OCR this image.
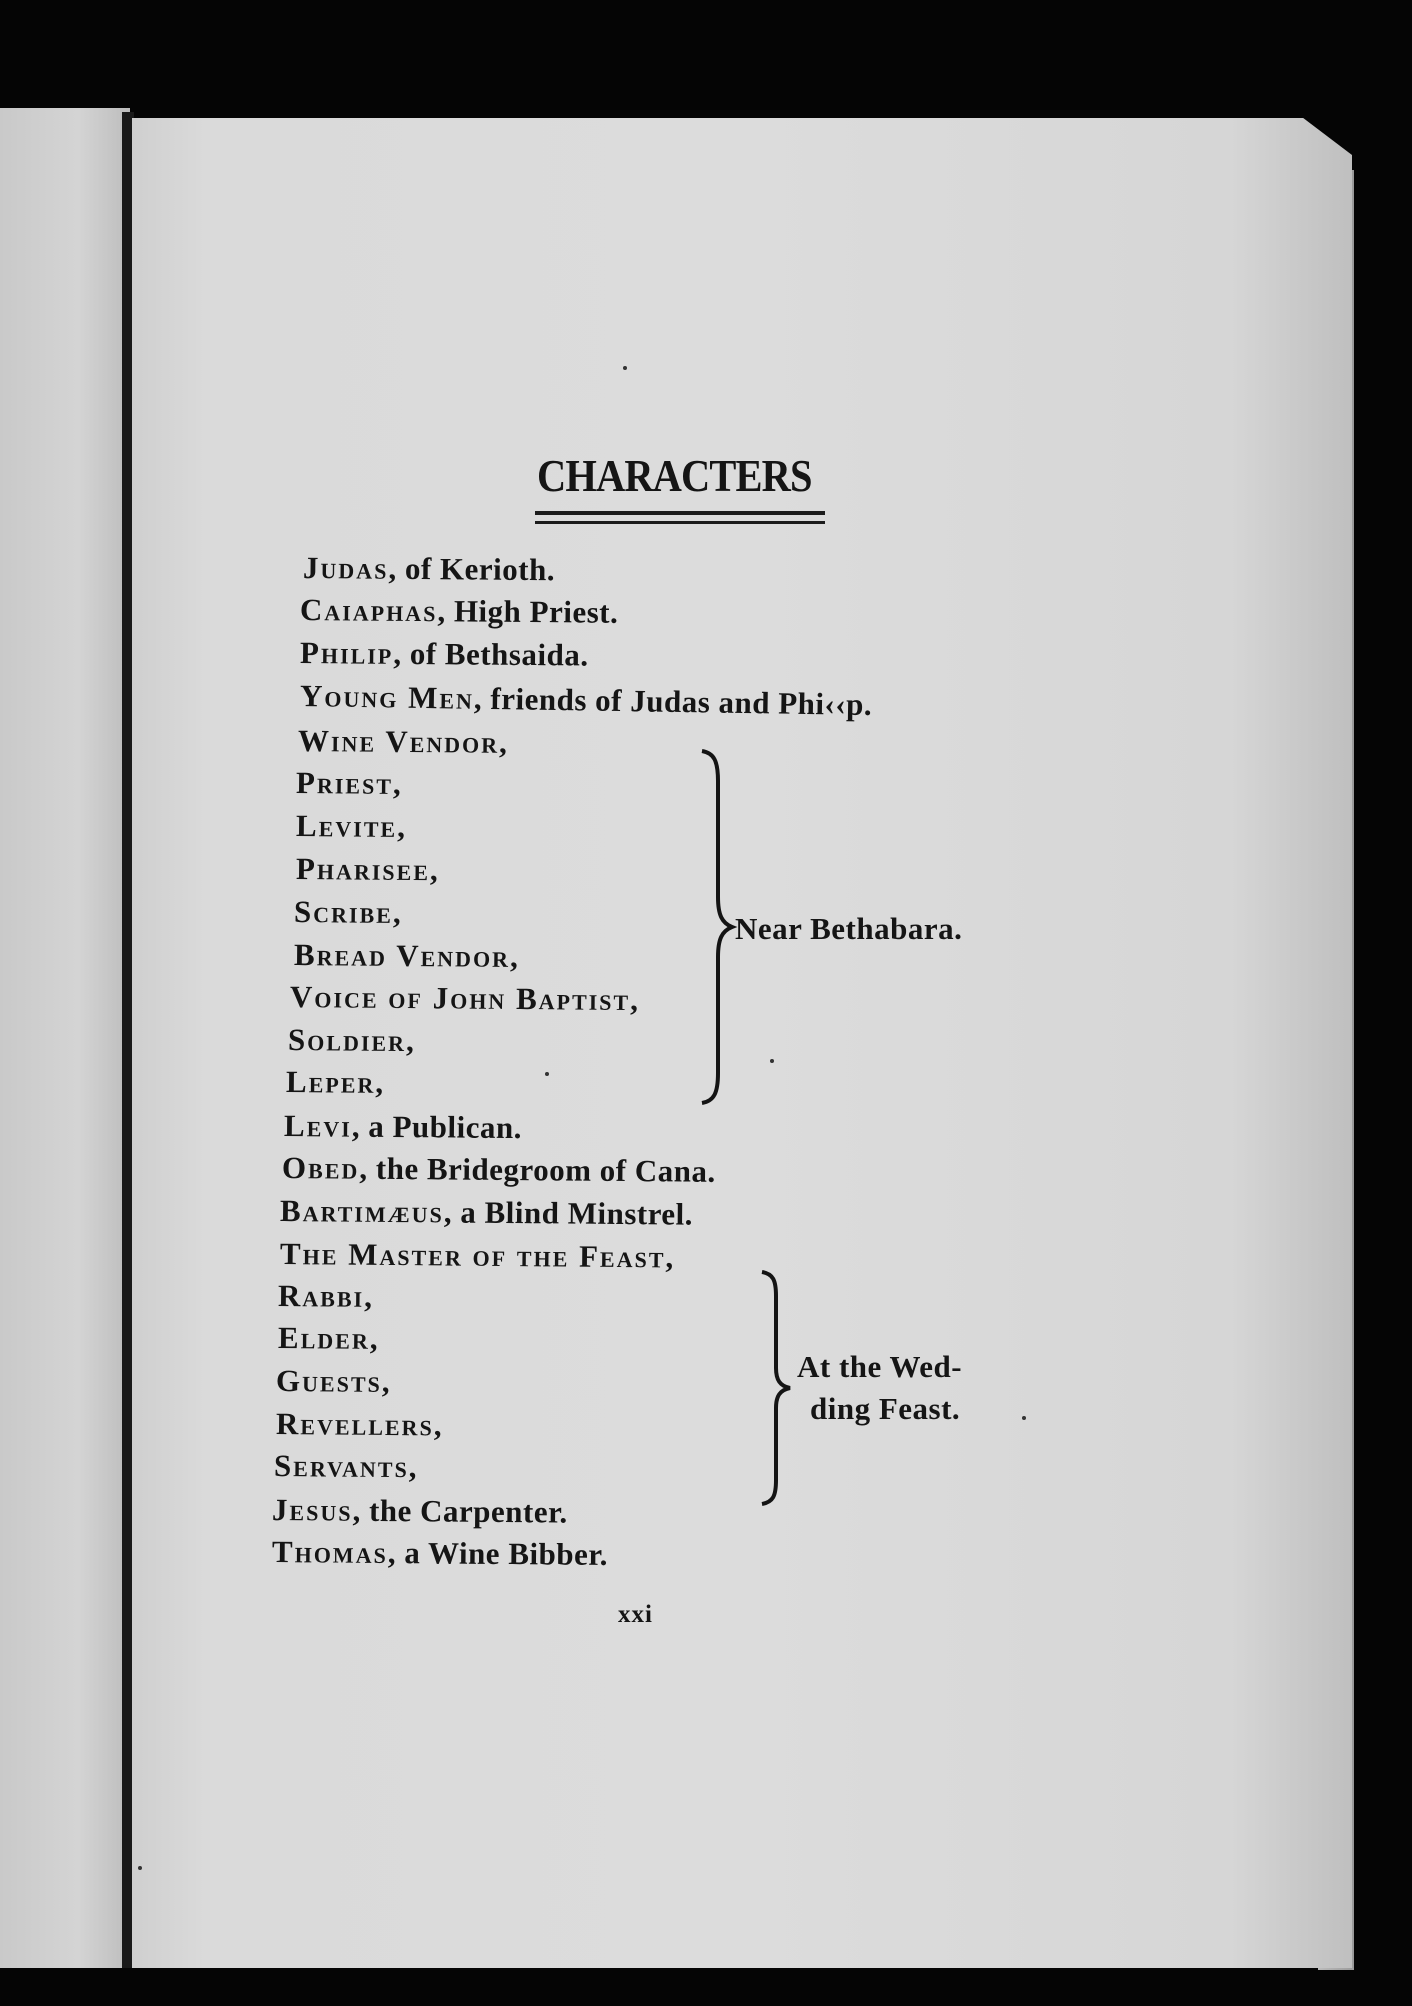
CHARACTERS
Judas, of Kerioth.
Caiaphas, High Priest.
Philip, of Bethsaida.
Young Men, friends of Judas and Phi‹‹p.
Wine Vendor,
Priest,
Levite,
Pharisee,
Scribe,
Bread Vendor,
Voice of John Baptist,
Soldier,
Leper,
Levi, a Publican.
Obed, the Bridegroom of Cana.
Bartimæus, a Blind Minstrel.
The Master of the Feast,
Rabbi,
Elder,
Guests,
Revellers,
Servants,
Jesus, the Carpenter.
Thomas, a Wine Bibber.
Near Bethabara.
At the Wed-
ding Feast.
xxi
